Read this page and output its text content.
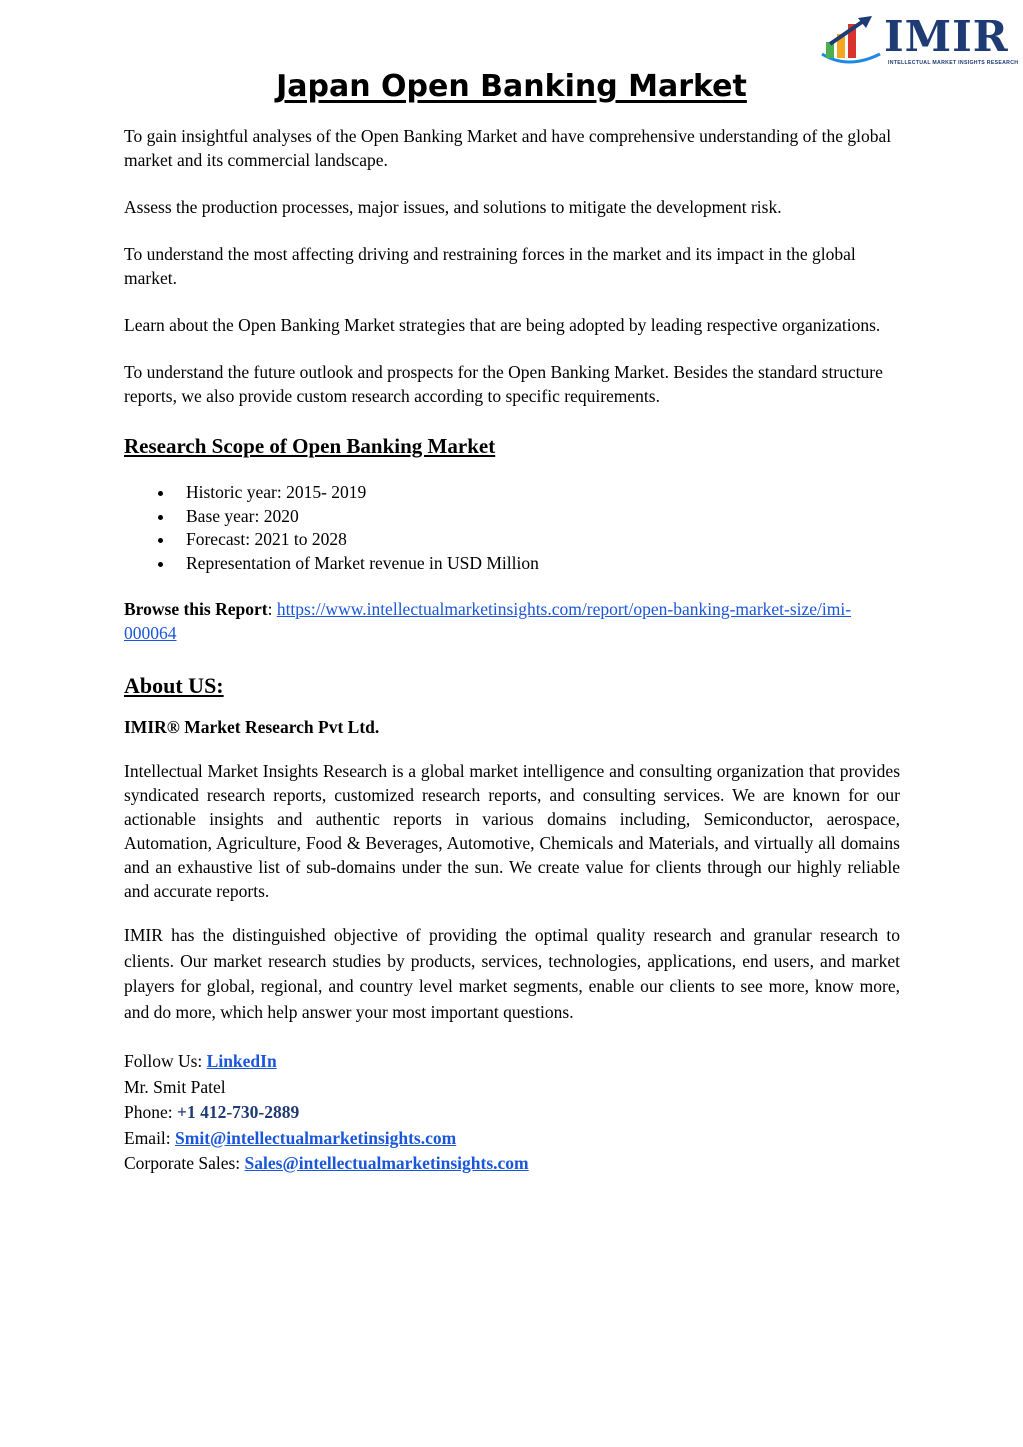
IMIR
INTELLECTUAL MARKET INSIGHTS RESEARCH
Japan Open Banking Market

To gain insightful analyses of the Open Banking Market and have comprehensive understanding of the global market and its commercial landscape.

Assess the production processes, major issues, and solutions to mitigate the development risk.

To understand the most affecting driving and restraining forces in the market and its impact in the global market.

Learn about the Open Banking Market strategies that are being adopted by leading respective organizations.

To understand the future outlook and prospects for the Open Banking Market. Besides the standard structure reports, we also provide custom research according to specific requirements.

Research Scope of Open Banking Market
Historic year: 2015- 2019
Base year: 2020
Forecast: 2021 to 2028
Representation of Market revenue in USD Million

Browse this Report: https://www.intellectualmarketinsights.com/report/open-banking-market-size/imi-000064

About US:

IMIR® Market Research Pvt Ltd.

Intellectual Market Insights Research is a global market intelligence and consulting organization that provides syndicated research reports, customized research reports, and consulting services. We are known for our actionable insights and authentic reports in various domains including, Semiconductor, aerospace, Automation, Agriculture, Food & Beverages, Automotive, Chemicals and Materials, and virtually all domains and an exhaustive list of sub-domains under the sun. We create value for clients through our highly reliable and accurate reports.

IMIR has the distinguished objective of providing the optimal quality research and granular research to clients. Our market research studies by products, services, technologies, applications, end users, and market players for global, regional, and country level market segments, enable our clients to see more, know more, and do more, which help answer your most important questions.

Follow Us: LinkedIn

Mr. Smit Patel

Phone: +1 412-730-2889

Email: Smit@intellectualmarketinsights.com

Corporate Sales: Sales@intellectualmarketinsights.com
